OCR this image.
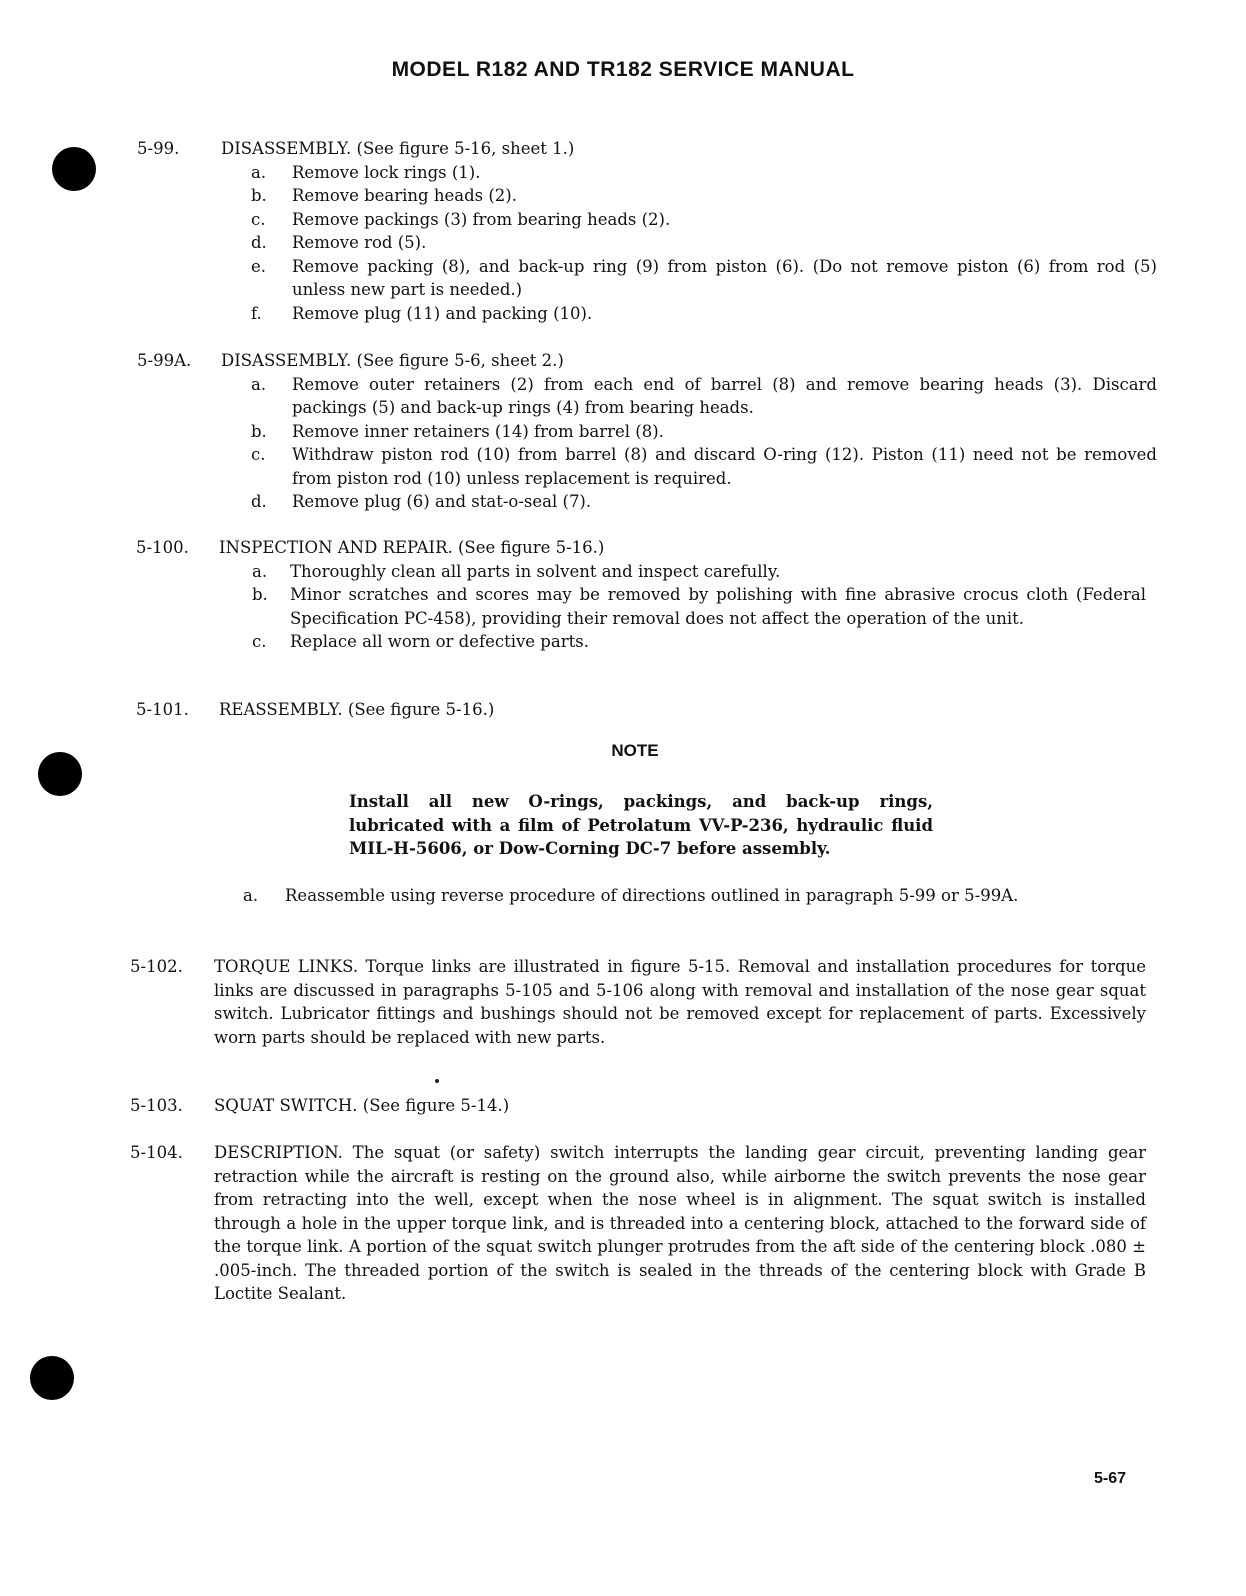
MODEL R182 AND TR182 SERVICE MANUAL
5-99.	DISASSEMBLY. (See figure 5-16, sheet 1.)
a. Remove lock rings (1).
b. Remove bearing heads (2).
c. Remove packings (3) from bearing heads (2).
d. Remove rod (5).
e. Remove packing (8), and back-up ring (9) from piston (6). (Do not remove piston (6) from rod (5) unless new part is needed.)
f. Remove plug (11) and packing (10).
5-99A. DISASSEMBLY. (See figure 5-6, sheet 2.)
a. Remove outer retainers (2) from each end of barrel (8) and remove bearing heads (3). Discard packings (5) and back-up rings (4) from bearing heads.
b. Remove inner retainers (14) from barrel (8).
c. Withdraw piston rod (10) from barrel (8) and discard O-ring (12). Piston (11) need not be removed from piston rod (10) unless replacement is required.
d. Remove plug (6) and stat-o-seal (7).
5-100. INSPECTION AND REPAIR. (See figure 5-16.)
a. Thoroughly clean all parts in solvent and inspect carefully.
b. Minor scratches and scores may be removed by polishing with fine abrasive crocus cloth (Federal Specification PC-458), providing their removal does not affect the operation of the unit.
c. Replace all worn or defective parts.
5-101. REASSEMBLY. (See figure 5-16.)
NOTE
Install all new O-rings, packings, and back-up rings, lubricated with a film of Petrolatum VV-P-236, hydraulic fluid MIL-H-5606, or Dow-Corning DC-7 before assembly.
a. Reassemble using reverse procedure of directions outlined in paragraph 5-99 or 5-99A.
5-102. TORQUE LINKS. Torque links are illustrated in figure 5-15. Removal and installation procedures for torque links are discussed in paragraphs 5-105 and 5-106 along with removal and installation of the nose gear squat switch. Lubricator fittings and bushings should not be removed except for replacement of parts. Excessively worn parts should be replaced with new parts.
5-103. SQUAT SWITCH. (See figure 5-14.)
5-104. DESCRIPTION. The squat (or safety) switch interrupts the landing gear circuit, preventing landing gear retraction while the aircraft is resting on the ground also, while airborne the switch prevents the nose gear from retracting into the well, except when the nose wheel is in alignment. The squat switch is installed through a hole in the upper torque link, and is threaded into a centering block, attached to the forward side of the torque link. A portion of the squat switch plunger protrudes from the aft side of the centering block .080 ± .005-inch. The threaded portion of the switch is sealed in the threads of the centering block with Grade B Loctite Sealant.
5-67
